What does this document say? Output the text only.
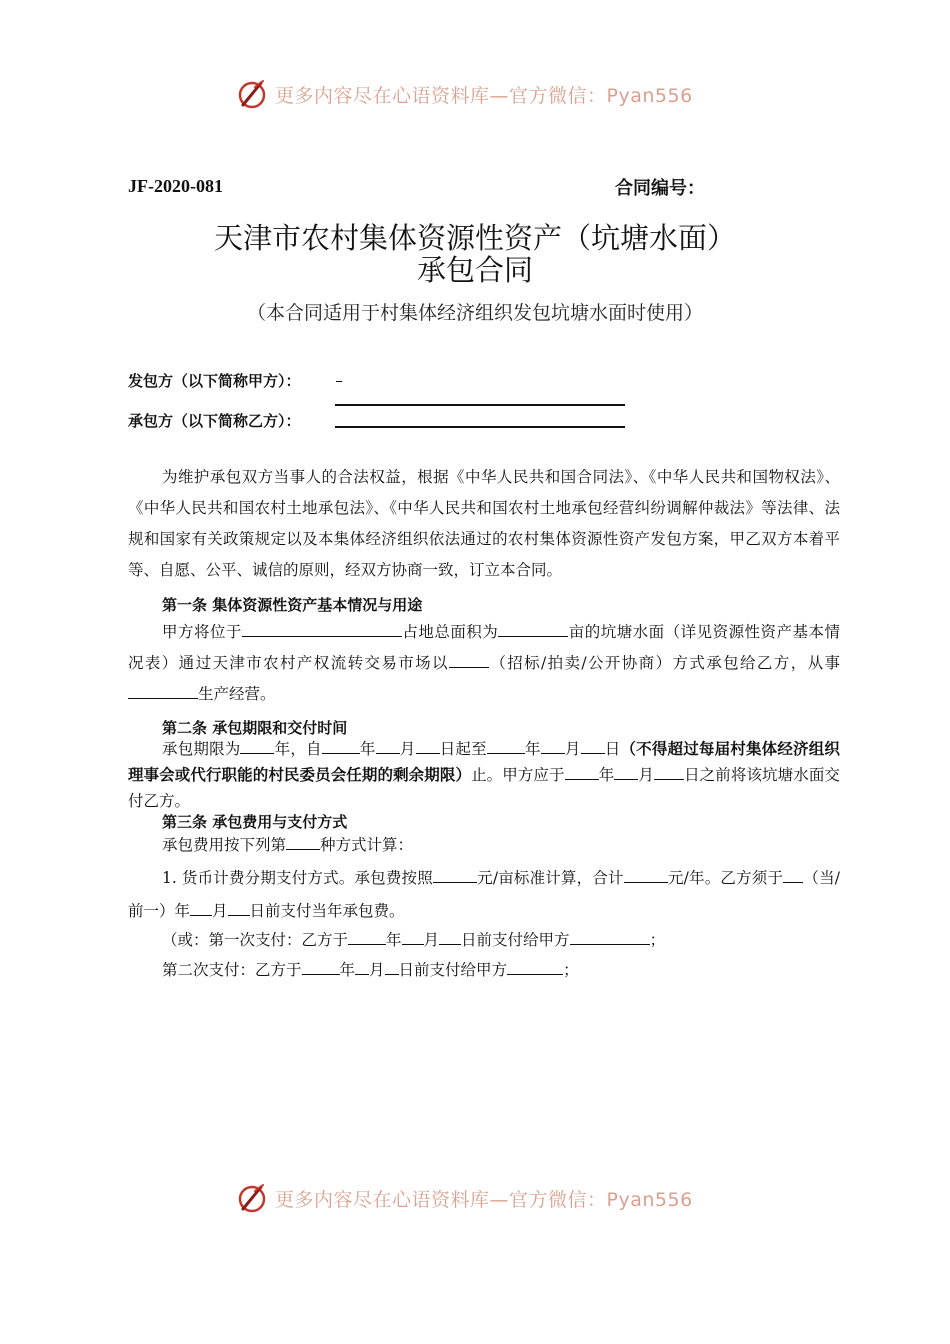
更多内容尽在心语资料库—官方微信：Pyan556
JF-2020-081	合同编号：
天津市农村集体资源性资产（坑塘水面）
承包合同
（本合同适用于村集体经济组织发包坑塘水面时使用）
发包方（以下简称甲方）：
承包方（以下简称乙方）：

为维护承包双方当事人的合法权益，根据《中华人民共和国合同法》、《中华人民共和国物权法》、《中华人民共和国农村土地承包法》、《中华人民共和国农村土地承包经营纠纷调解仲裁法》等法律、法规和国家有关政策规定以及本集体经济组织依法通过的农村集体资源性资产发包方案，甲乙双方本着平等、自愿、公平、诚信的原则，经双方协商一致，订立本合同。

第一条 集体资源性资产基本情况与用途

甲方将位于	占地总面积为	亩的坑塘水面（详见资源性资产基本情况表）通过天津市农村产权流转交易市场以	（招标/拍卖/公开协商）方式承包给乙方，从事生产经营。

第二条 承包期限和交付时间

承包期限为 年，自 年 月 日起至 年 月 日（不得超过每届村集体经济组织理事会或代行职能的村民委员会任期的剩余期限）止。甲方应于 年 月 日之前将该坑塘水面交付乙方。

第三条 承包费用与支付方式

承包费用按下列第 种方式计算：

1. 货币计费分期支付方式。承包费按照	元/亩标准计算，合计	元/年。乙方须于 （当/前一）年 月 日前支付当年承包费。

（或：第一次支付：乙方于 年 月 日前支付给甲方	；

第二次支付：乙方于 年 月 日前支付给甲方	；

更多内容尽在心语资料库—官方微信：Pyan556
